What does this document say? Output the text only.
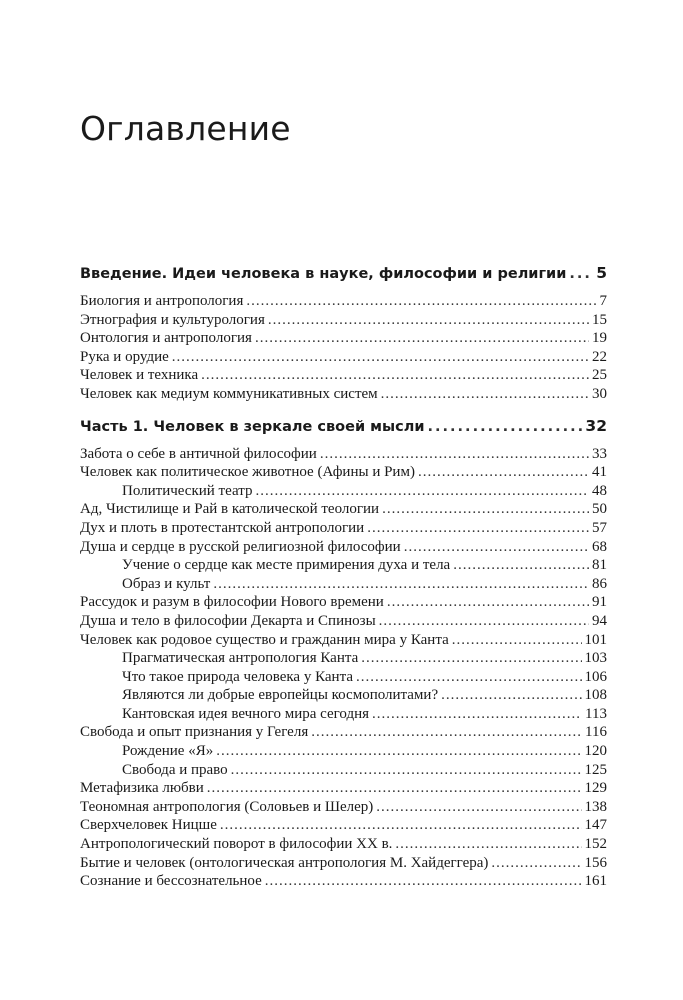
Оглавление
Введение. Идеи человека в науке, философии и религии ..... 5
Биология и антропология .....	7
Этнография и культурология .....	15
Онтология и антропология .....	19
Рука и орудие .....	22
Человек и техника .....	25
Человек как медиум коммуникативных систем .....	30
Часть 1. Человек в зеркале своей мысли .....	32
Забота о себе в античной философии .....	33
Человек как политическое животное (Афины и Рим) .....	41
Политический театр .....	48
Ад, Чистилище и Рай в католической теологии .....	50
Дух и плоть в протестантской антропологии .....	57
Душа и сердце в русской религиозной философии .....	68
Учение о сердце как месте примирения духа и тела .....	81
Образ и культ .....	86
Рассудок и разум в философии Нового времени .....	91
Душа и тело в философии Декарта и Спинозы .....	94
Человек как родовое существо и гражданин мира у Канта .....	101
Прагматическая антропология Канта .....	103
Что такое природа человека у Канта .....	106
Являются ли добрые европейцы космополитами? .....	108
Кантовская идея вечного мира сегодня .....	113
Свобода и опыт признания у Гегеля .....	116
Рождение «Я» .....	120
Свобода и право .....	125
Метафизика любви .....	129
Теономная антропология (Соловьев и Шелер) .....	138
Сверхчеловек Ницше .....	147
Антропологический поворот в философии XX в. .....	152
Бытие и человек (онтологическая антропология М. Хайдеггера) .....	156
Сознание и бессознательное .....	161
